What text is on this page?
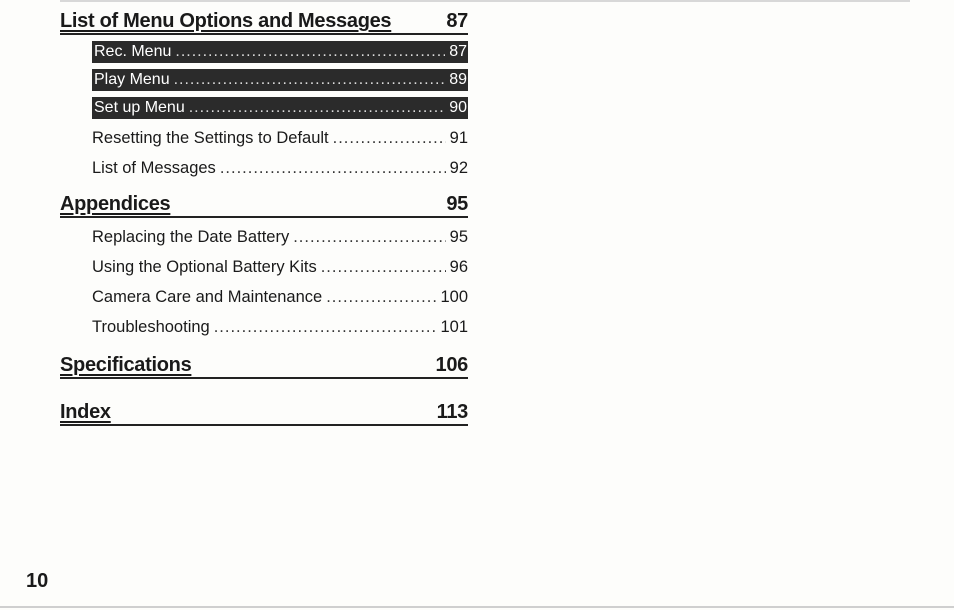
List of Menu Options and Messages	87
Rec. Menu .....	87
Play Menu .....	89
Set up Menu .....	90
Resetting the Settings to Default .....	91
List of Messages .....	92
Appendices	95
Replacing the Date Battery .....	95
Using the Optional Battery Kits .....	96
Camera Care and Maintenance .....	100
Troubleshooting .....	101
Specifications	106
Index	113
10
